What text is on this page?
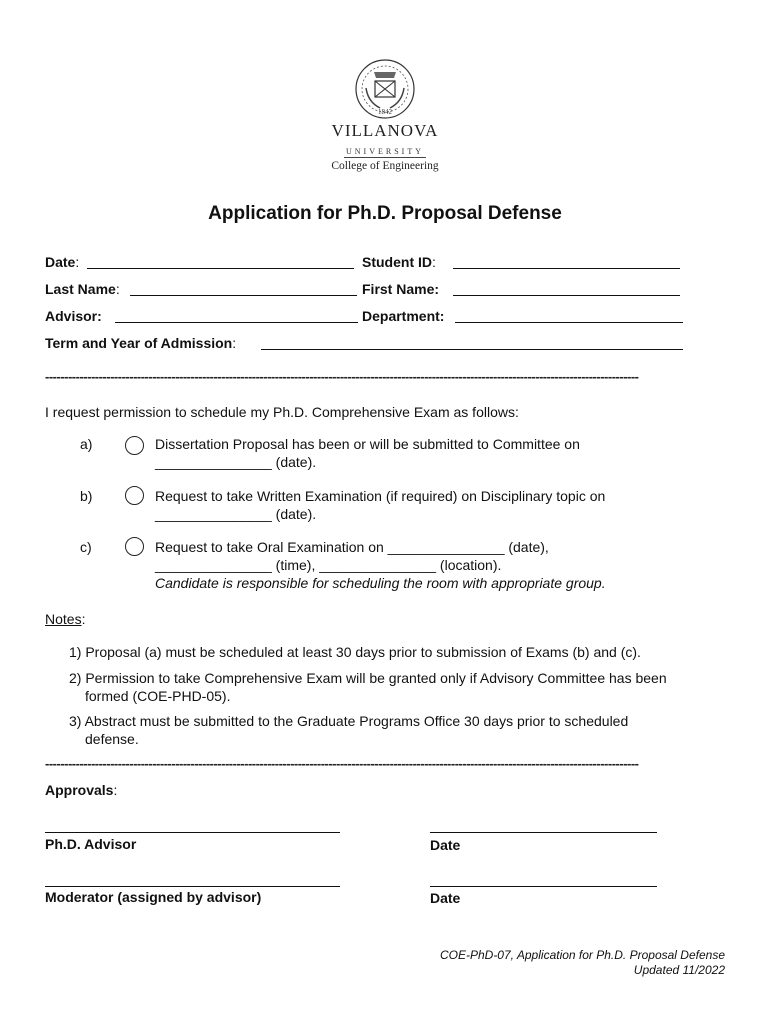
1842
VILLANOVA
UNIVERSITY
College of Engineering
Application for Ph.D. Proposal Defense
Date:	Student ID:
Last Name:	First Name:
Advisor:	Department:
Term and Year of Admission:
-----------------------------------------------------------------------------------------------------------------------------------------------------------
I request permission to schedule my Ph.D. Comprehensive Exam as follows:
a)	Dissertation Proposal has been or will be submitted to Committee on
_______________ (date).
b)	Request to take Written Examination (if required) on Disciplinary topic on
_______________ (date).
c)	Request to take Oral Examination on _______________ (date),
_______________ (time), _______________ (location).
Candidate is responsible for scheduling the room with appropriate group.
Notes:
1) Proposal (a) must be scheduled at least 30 days prior to submission of Exams (b) and (c).
2) Permission to take Comprehensive Exam will be granted only if Advisory Committee has been
formed (COE-PHD-05).
3) Abstract must be submitted to the Graduate Programs Office 30 days prior to scheduled
defense.
-----------------------------------------------------------------------------------------------------------------------------------------------------------
Approvals:
Ph.D. Advisor	Date
Moderator (assigned by advisor)	Date
COE-PhD-07, Application for Ph.D. Proposal Defense
Updated 11/2022
